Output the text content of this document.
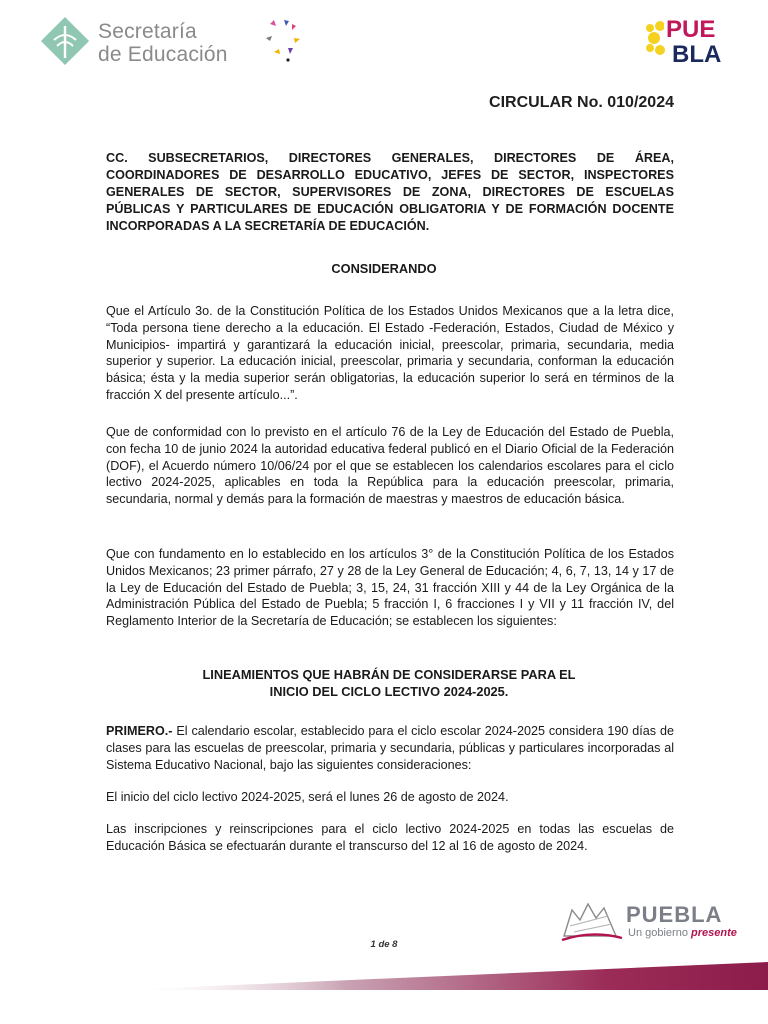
Secretaría
de Educación
PUE
BLA
CIRCULAR No. 010/2024

CC. SUBSECRETARIOS, DIRECTORES GENERALES, DIRECTORES DE ÁREA, COORDINADORES DE DESARROLLO EDUCATIVO, JEFES DE SECTOR, INSPECTORES GENERALES DE SECTOR, SUPERVISORES DE ZONA, DIRECTORES DE ESCUELAS PÚBLICAS Y PARTICULARES DE EDUCACIÓN OBLIGATORIA Y DE FORMACIÓN DOCENTE INCORPORADAS A LA SECRETARÍA DE EDUCACIÓN.

CONSIDERANDO

Que el Artículo 3o. de la Constitución Política de los Estados Unidos Mexicanos que a la letra dice, “Toda persona tiene derecho a la educación. El Estado -Federación, Estados, Ciudad de México y Municipios- impartirá y garantizará la educación inicial, preescolar, primaria, secundaria, media superior y superior. La educación inicial, preescolar, primaria y secundaria, conforman la educación básica; ésta y la media superior serán obligatorias, la educación superior lo será en términos de la fracción X del presente artículo...”.

Que de conformidad con lo previsto en el artículo 76 de la Ley de Educación del Estado de Puebla, con fecha 10 de junio 2024 la autoridad educativa federal publicó en el Diario Oficial de la Federación (DOF), el Acuerdo número 10/06/24 por el que se establecen los calendarios escolares para el ciclo lectivo 2024-2025, aplicables en toda la República para la educación preescolar, primaria, secundaria, normal y demás para la formación de maestras y maestros de educación básica.

Que con fundamento en lo establecido en los artículos 3° de la Constitución Política de los Estados Unidos Mexicanos; 23 primer párrafo, 27 y 28 de la Ley General de Educación; 4, 6, 7, 13, 14 y 17 de la Ley de Educación del Estado de Puebla; 3, 15, 24, 31 fracción XIII y 44 de la Ley Orgánica de la Administración Pública del Estado de Puebla; 5 fracción I, 6 fracciones I y VII y 11 fracción IV, del Reglamento Interior de la Secretaría de Educación; se establecen los siguientes:

LINEAMIENTOS QUE HABRÁN DE CONSIDERARSE PARA EL
INICIO DEL CICLO LECTIVO 2024-2025.

PRIMERO.- El calendario escolar, establecido para el ciclo escolar 2024-2025 considera 190 días de clases para las escuelas de preescolar, primaria y secundaria, públicas y particulares incorporadas al Sistema Educativo Nacional, bajo las siguientes consideraciones:

El inicio del ciclo lectivo 2024-2025, será el lunes 26 de agosto de 2024.

Las inscripciones y reinscripciones para el ciclo lectivo 2024-2025 en todas las escuelas de Educación Básica se efectuarán durante el transcurso del 12 al 16 de agosto de 2024.

1 de 8
PUEBLA
Un gobierno presente
